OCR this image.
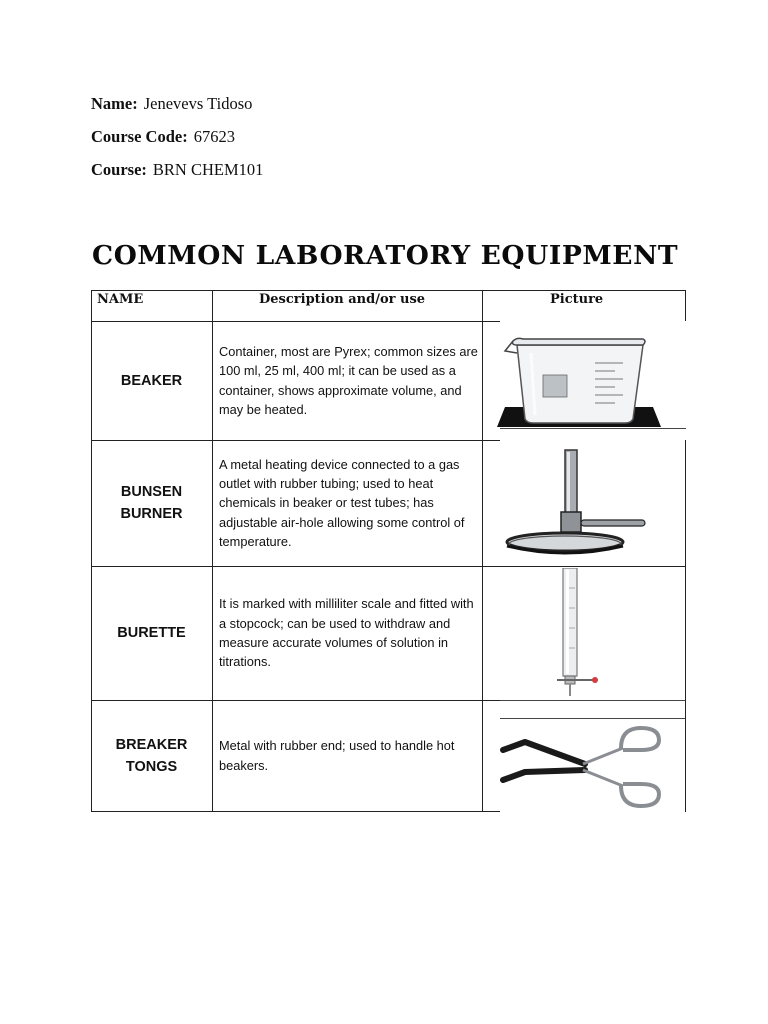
Name: Jenevevs Tidoso
Course Code: 67623
Course: BRN CHEM101
COMMON LABORATORY EQUIPMENT
NAME	Description and/or use	Picture
BEAKER
Container, most are Pyrex; common sizes are 100 ml, 25 ml, 400 ml; it can be used as a container, shows approximate volume, and may be heated.
BUNSEN BURNER
A metal heating device connected to a gas outlet with rubber tubing; used to heat chemicals in beaker or test tubes; has adjustable air-hole allowing some control of temperature.
BURETTE
It is marked with milliliter scale and fitted with a stopcock; can be used to withdraw and measure accurate volumes of solution in titrations.
BREAKER TONGS
Metal with rubber end; used to handle hot beakers.
